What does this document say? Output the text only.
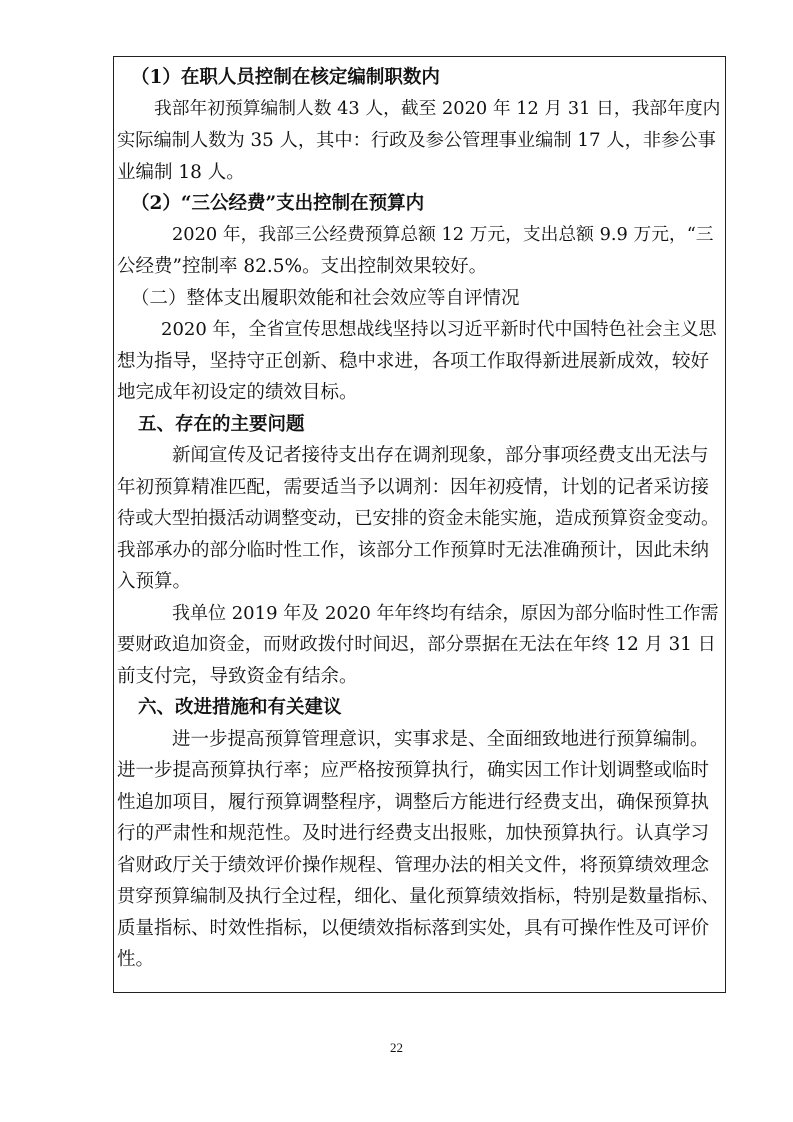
（1）在职人员控制在核定编制职数内
我部年初预算编制人数 43 人，截至 2020 年 12 月 31 日，我部年度内
实际编制人数为 35 人，其中：行政及参公管理事业编制 17 人，非参公事
业编制 18 人。
（2）“三公经费”支出控制在预算内
2020 年，我部三公经费预算总额 12 万元，支出总额 9.9 万元，“三
公经费”控制率 82.5%。支出控制效果较好。
（二）整体支出履职效能和社会效应等自评情况
2020 年，全省宣传思想战线坚持以习近平新时代中国特色社会主义思
想为指导，坚持守正创新、稳中求进，各项工作取得新进展新成效，较好
地完成年初设定的绩效目标。
五、存在的主要问题
新闻宣传及记者接待支出存在调剂现象，部分事项经费支出无法与
年初预算精准匹配，需要适当予以调剂：因年初疫情，计划的记者采访接
待或大型拍摄活动调整变动，已安排的资金未能实施，造成预算资金变动。
我部承办的部分临时性工作，该部分工作预算时无法准确预计，因此未纳
入预算。
我单位 2019 年及 2020 年年终均有结余，原因为部分临时性工作需
要财政追加资金，而财政拨付时间迟，部分票据在无法在年终 12 月 31 日
前支付完，导致资金有结余。
六、改进措施和有关建议
进一步提高预算管理意识，实事求是、全面细致地进行预算编制。
进一步提高预算执行率；应严格按预算执行，确实因工作计划调整或临时
性追加项目，履行预算调整程序，调整后方能进行经费支出，确保预算执
行的严肃性和规范性。及时进行经费支出报账，加快预算执行。认真学习
省财政厅关于绩效评价操作规程、管理办法的相关文件，将预算绩效理念
贯穿预算编制及执行全过程，细化、量化预算绩效指标，特别是数量指标、
质量指标、时效性指标，以便绩效指标落到实处，具有可操作性及可评价
性。
22
